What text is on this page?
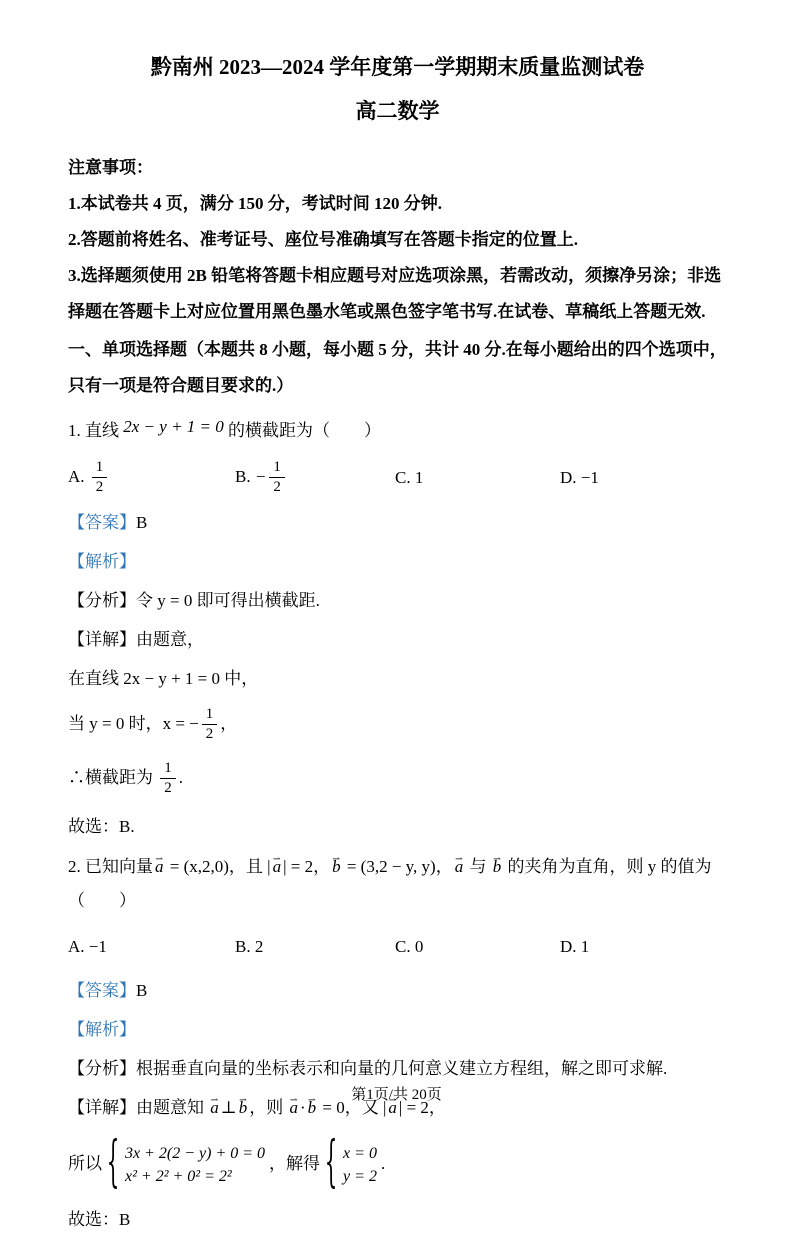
黔南州 2023—2024 学年度第一学期期末质量监测试卷
高二数学

注意事项：

1.本试卷共 4 页，满分 150 分，考试时间 120 分钟.

2.答题前将姓名、准考证号、座位号准确填写在答题卡指定的位置上.

3.选择题须使用 2B 铅笔将答题卡相应题号对应选项涂黑，若需改动，须擦净另涂；非选择题在答题卡上对应位置用黑色墨水笔或黑色签字笔书写.在试卷、草稿纸上答题无效.

一、单项选择题（本题共 8 小题，每小题 5 分，共计 40 分.在每小题给出的四个选项中，只有一项是符合题目要求的.）

1. 直线 2x − y + 1 = 0 的横截距为（　　）

A. $\frac{1}{2}$	B. − $\frac{1}{2}$	C. 1	D. −1

【答案】B

【解析】

【分析】令 y = 0 即可得出横截距.

【详解】由题意，

在直线 2x − y + 1 = 0 中，

当 y = 0 时，x = − $\frac{1}{2}$ ，

∴横截距为 $\frac{1}{2}$ .

故选：B.

2. 已知向量 a ⇀ = (x,2,0)，且 | a ⇀ | = 2， b ⇀ = (3,2 − y, y)， a ⇀ 与 b ⇀ 的夹角为直角，则 y 的值为（　　）

A. −1	B. 2	C. 0	D. 1

【答案】B

【解析】

【分析】根据垂直向量的坐标表示和向量的几何意义建立方程组，解之即可求解.

【详解】由题意知 a ⇀ ⊥ b ⇀ ，则 a ⇀ · b ⇀ = 0，又 | a ⇀ | = 2，

所以 { 3x + 2(2 − y) + 0 = 0
x² + 2² + 0² = 2²
，解得 { x = 0
y = 2
.

故选：B

第1页/共 20页
